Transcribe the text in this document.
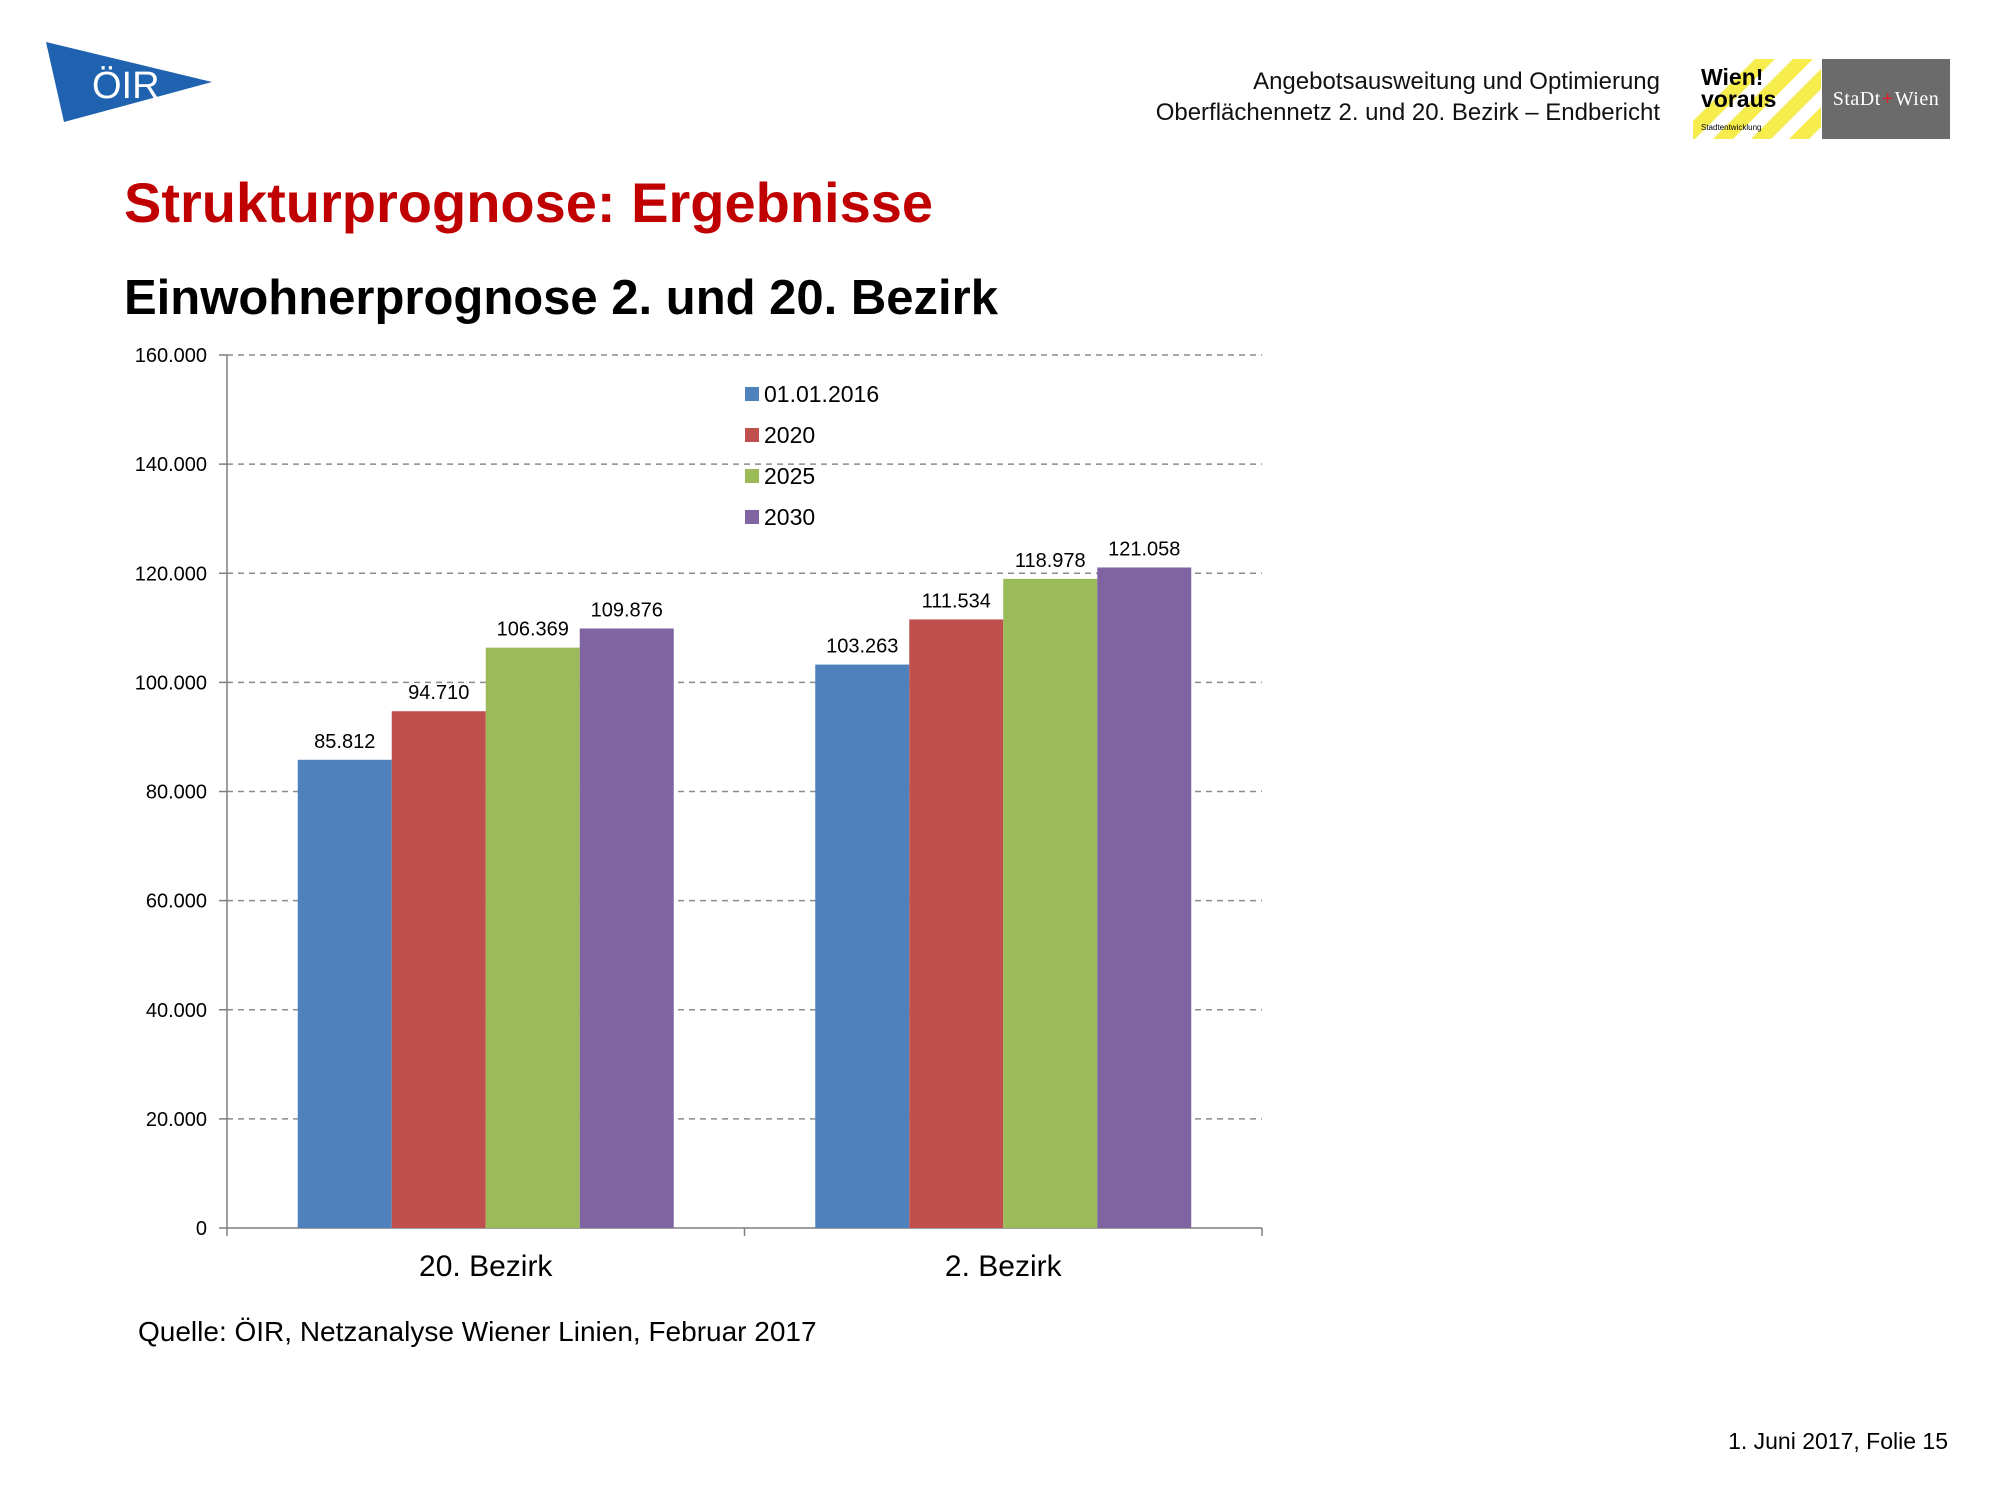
ÖIR	Angebotsausweitung und Optimierung
Oberflächennetz 2. und 20. Bezirk – Endbericht
Wien!
voraus
Stadtentwicklung
StaDt + Wien
Strukturprognose: Ergebnisse
Einwohnerprognose 2. und 20. Bezirk
0
20.000
40.000
60.000
80.000
100.000
120.000
140.000
160.000
20. Bezirk	2. Bezirk
85.812
94.710
106.369
109.876
103.263
111.534
118.978
121.058
01.01.2016
2020
2025
2030
Quelle: ÖIR, Netzanalyse Wiener Linien, Februar 2017
1. Juni 2017, Folie 15
